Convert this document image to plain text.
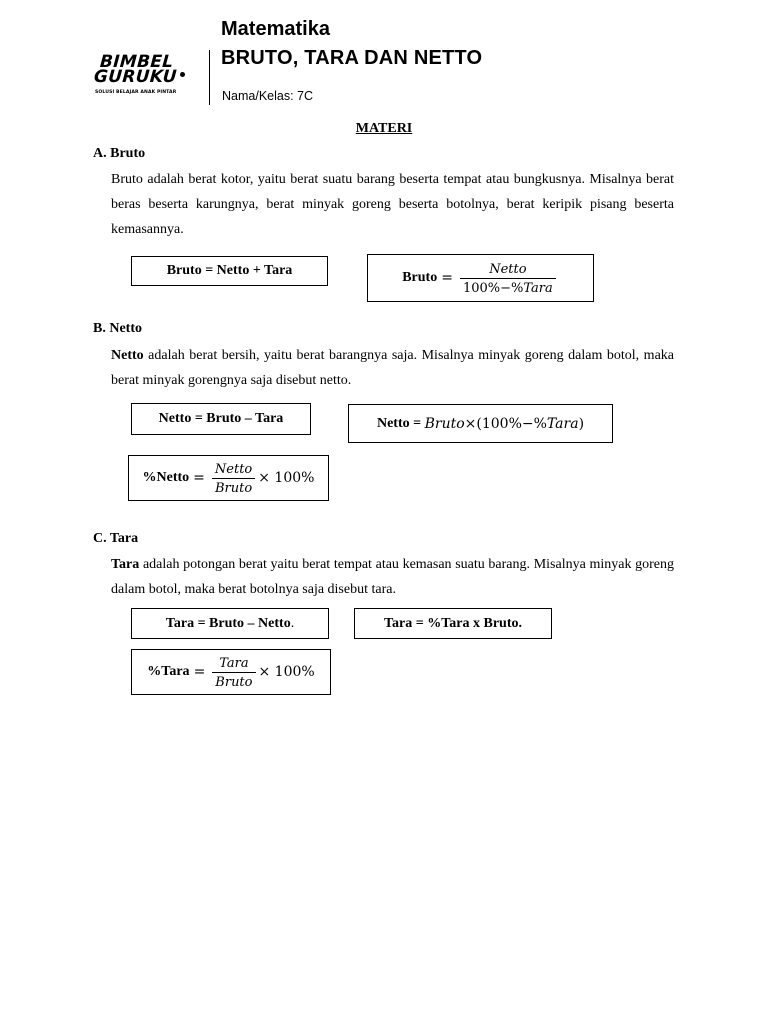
BIMBEL
GURUKU
SOLUSI BELAJAR ANAK PINTAR
Matematika
BRUTO, TARA DAN NETTO
Nama/Kelas: 7C
MATERI
A. Bruto
Bruto adalah berat kotor, yaitu berat suatu barang beserta tempat atau bungkusnya. Misalnya berat beras beserta karungnya, berat minyak goreng beserta botolnya, berat keripik pisang beserta kemasannya.
Bruto = Netto + Tara	Bruto = $\frac{\text{Netto}}{\text{100\%−\%Tara}}$
B. Netto
Netto adalah berat bersih, yaitu berat barangnya saja. Misalnya minyak goreng dalam botol, maka berat minyak gorengnya saja disebut netto.
Netto = Bruto – Tara	Netto =
Bruto ×(100%−% Tara )
%Netto = $\frac{\text{Netto}}{\text{Bruto}} \times 100\%$
C. Tara
Tara adalah potongan berat yaitu berat tempat atau kemasan suatu barang. Misalnya minyak goreng dalam botol, maka berat botolnya saja disebut tara.
Tara = Bruto – Netto .	Tara = %Tara x Bruto.
%Tara = $\frac{\text{Tara}}{\text{Bruto}} \times 100\%$
